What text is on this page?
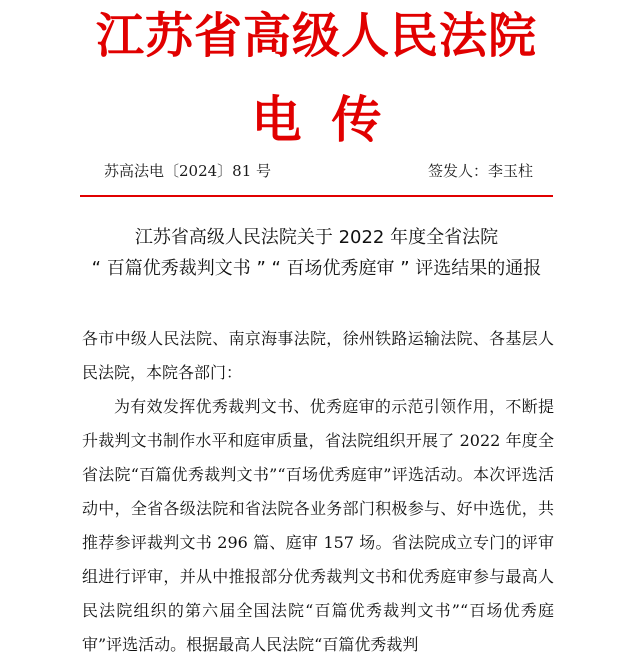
江苏省高级人民法院
电传
苏高法电〔2024〕81 号	签发人：李玉柱
江苏省高级人民法院关于 2022 年度全省法院
“ 百篇优秀裁判文书 ” “ 百场优秀庭审 ” 评选结果的通报

各市中级人民法院、南京海事法院，徐州铁路运输法院、各基层人民法院，本院各部门：

为有效发挥优秀裁判文书、优秀庭审的示范引领作用，不断提升裁判文书制作水平和庭审质量，省法院组织开展了 2022 年度全省法院“百篇优秀裁判文书”“百场优秀庭审”评选活动。本次评选活动中，全省各级法院和省法院各业务部门积极参与、好中选优，共推荐参评裁判文书 296 篇、庭审 157 场。省法院成立专门的评审组进行评审，并从中推报部分优秀裁判文书和优秀庭审参与最高人民法院组织的第六届全国法院“百篇优秀裁判文书”“百场优秀庭审”评选活动。根据最高人民法院“百篇优秀裁判
